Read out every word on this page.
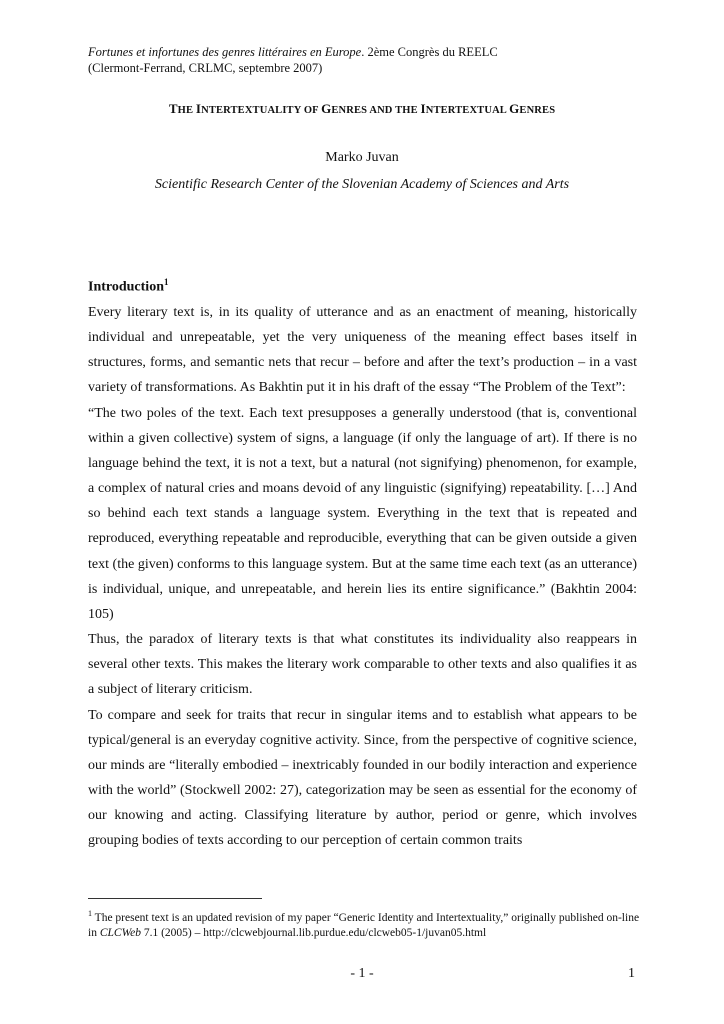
Fortunes et infortunes des genres littéraires en Europe. 2ème Congrès du REELC
(Clermont-Ferrand, CRLMC, septembre 2007)
THE INTERTEXTUALITY OF GENRES AND THE INTERTEXTUAL GENRES
Marko Juvan
Scientific Research Center of the Slovenian Academy of Sciences and Arts
Introduction$^1$

Every literary text is, in its quality of utterance and as an enactment of meaning, historically individual and unrepeatable, yet the very uniqueness of the meaning effect bases itself in structures, forms, and semantic nets that recur – before and after the text’s production – in a vast variety of transformations. As Bakhtin put it in his draft of the essay “The Problem of the Text”:

“The two poles of the text. Each text presupposes a generally understood (that is, conventional within a given collective) system of signs, a language (if only the language of art). If there is no language behind the text, it is not a text, but a natural (not signifying) phenomenon, for example, a complex of natural cries and moans devoid of any linguistic (signifying) repeatability. […] And so behind each text stands a language system. Everything in the text that is repeated and reproduced, everything repeatable and reproducible, everything that can be given outside a given text (the given) conforms to this language system. But at the same time each text (as an utterance) is individual, unique, and unrepeatable, and herein lies its entire significance.” (Bakhtin 2004: 105)

Thus, the paradox of literary texts is that what constitutes its individuality also reappears in several other texts. This makes the literary work comparable to other texts and also qualifies it as a subject of literary criticism.

To compare and seek for traits that recur in singular items and to establish what appears to be typical/general is an everyday cognitive activity. Since, from the perspective of cognitive science, our minds are “literally embodied – inextricably founded in our bodily interaction and experience with the world” (Stockwell 2002: 27), categorization may be seen as essential for the economy of our knowing and acting. Classifying literature by author, period or genre, which involves grouping bodies of texts according to our perception of certain common traits

$^1$ The present text is an updated revision of my paper “Generic Identity and Intertextuality,” originally published on-line in CLCWeb 7.1 (2005) – http://clcwebjournal.lib.purdue.edu/clcweb05-1/juvan05.html
- 1 -	1
